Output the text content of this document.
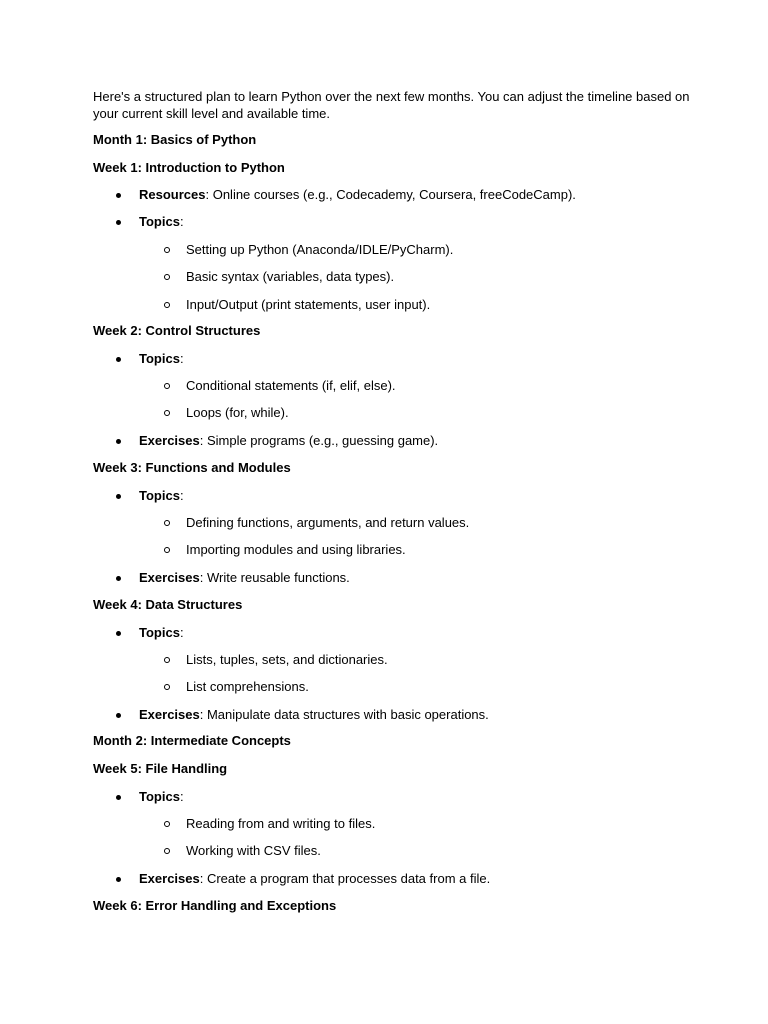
Here's a structured plan to learn Python over the next few months. You can adjust the timeline based on your current skill level and available time.
Month 1: Basics of Python
Week 1: Introduction to Python
Resources: Online courses (e.g., Codecademy, Coursera, freeCodeCamp).
Topics:
Setting up Python (Anaconda/IDLE/PyCharm).
Basic syntax (variables, data types).
Input/Output (print statements, user input).
Week 2: Control Structures
Topics:
Conditional statements (if, elif, else).
Loops (for, while).
Exercises: Simple programs (e.g., guessing game).
Week 3: Functions and Modules
Topics:
Defining functions, arguments, and return values.
Importing modules and using libraries.
Exercises: Write reusable functions.
Week 4: Data Structures
Topics:
Lists, tuples, sets, and dictionaries.
List comprehensions.
Exercises: Manipulate data structures with basic operations.
Month 2: Intermediate Concepts
Week 5: File Handling
Topics:
Reading from and writing to files.
Working with CSV files.
Exercises: Create a program that processes data from a file.
Week 6: Error Handling and Exceptions
